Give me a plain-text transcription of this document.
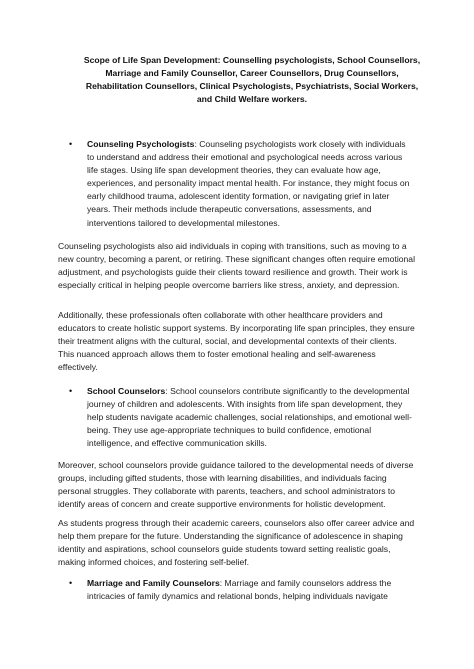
Scope of Life Span Development: Counselling psychologists, School Counsellors, Marriage and Family Counsellor, Career Counsellors, Drug Counsellors, Rehabilitation Counsellors, Clinical Psychologists, Psychiatrists, Social Workers, and Child Welfare workers.
• Counseling Psychologists: Counseling psychologists work closely with individuals to understand and address their emotional and psychological needs across various life stages. Using life span development theories, they can evaluate how age, experiences, and personality impact mental health. For instance, they might focus on early childhood trauma, adolescent identity formation, or navigating grief in later years. Their methods include therapeutic conversations, assessments, and interventions tailored to developmental milestones.
Counseling psychologists also aid individuals in coping with transitions, such as moving to a new country, becoming a parent, or retiring. These significant changes often require emotional adjustment, and psychologists guide their clients toward resilience and growth. Their work is especially critical in helping people overcome barriers like stress, anxiety, and depression.
Additionally, these professionals often collaborate with other healthcare providers and educators to create holistic support systems. By incorporating life span principles, they ensure their treatment aligns with the cultural, social, and developmental contexts of their clients. This nuanced approach allows them to foster emotional healing and self-awareness effectively.
• School Counselors: School counselors contribute significantly to the developmental journey of children and adolescents. With insights from life span development, they help students navigate academic challenges, social relationships, and emotional well-being. They use age-appropriate techniques to build confidence, emotional intelligence, and effective communication skills.
Moreover, school counselors provide guidance tailored to the developmental needs of diverse groups, including gifted students, those with learning disabilities, and individuals facing personal struggles. They collaborate with parents, teachers, and school administrators to identify areas of concern and create supportive environments for holistic development.
As students progress through their academic careers, counselors also offer career advice and help them prepare for the future. Understanding the significance of adolescence in shaping identity and aspirations, school counselors guide students toward setting realistic goals, making informed choices, and fostering self-belief.
• Marriage and Family Counselors: Marriage and family counselors address the intricacies of family dynamics and relational bonds, helping individuals navigate
